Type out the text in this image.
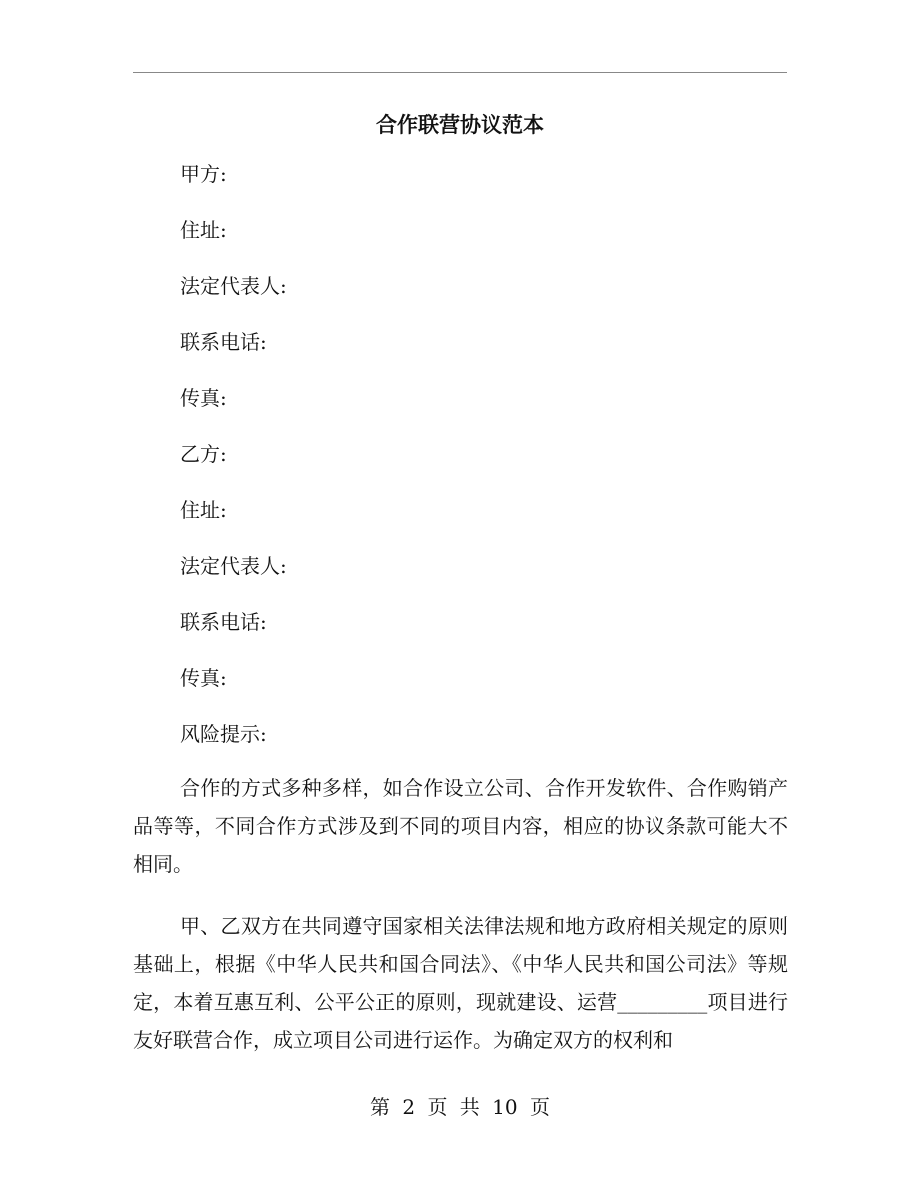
合作联营协议范本
甲方:
住址:
法定代表人:
联系电话:
传真:
乙方:
住址:
法定代表人:
联系电话:
传真:
风险提示:

合作的方式多种多样，如合作设立公司、合作开发软件、合作购销产品等等，不同合作方式涉及到不同的项目内容，相应的协议条款可能大不相同。

甲、乙双方在共同遵守国家相关法律法规和地方政府相关规定的原则基础上，根据《中华人民共和国合同法》、《中华人民共和国公司法》等规定，本着互惠互利、公平公正的原则，现就建设、运营_________项目进行友好联营合作，成立项目公司进行运作。为确定双方的权利和

第 2 页 共 10 页
